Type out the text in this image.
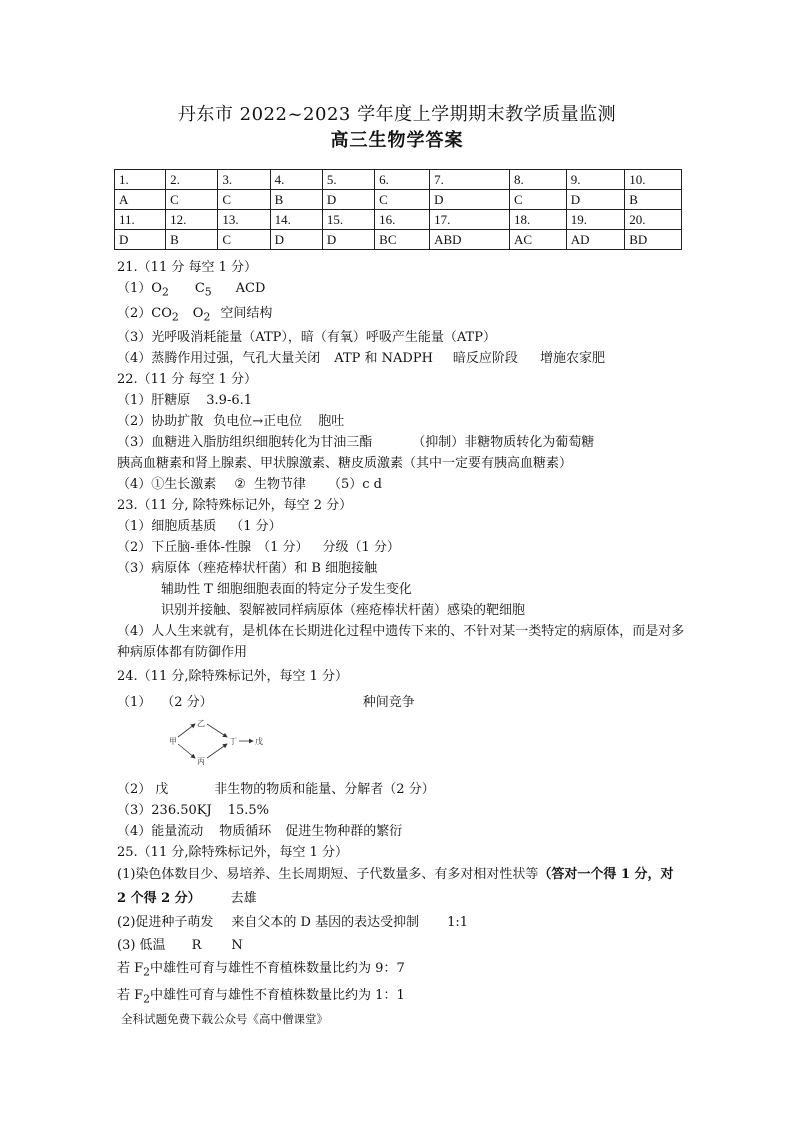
丹东市 2022~2023 学年度上学期期末教学质量监测
高三生物学答案
1.	2.	3.	4.	5.	6.	7.	8.	9.	10.
A	C	C	B	D	C	D	C	D	B
11.	12.	13.	14.	15.	16.	17.	18.	19.	20.
D	B	C	D	D	BC	ABD	AC	AD	BD
21.（11 分 每空 1 分）
$(1)O_2$ $C_5$ ACD
$(2)CO_2$ $O_2$ 空间结构
（3）光呼吸消耗能量（ATP），暗（有氧）呼吸产生能量（ATP）
（4）蒸腾作用过强，气孔大量关闭 ATP 和 NADPH 暗反应阶段 增施农家肥
22.（11 分 每空 1 分）
（1）肝糖原 3.9-6.1
（2）协助扩散 负电位→正电位 胞吐
（3）血糖进入脂肪组织细胞转化为甘油三酯	（抑制）非糖物质转化为葡萄糖
胰高血糖素和肾上腺素、甲状腺激素、糖皮质激素（其中一定要有胰高血糖素）
（4）①生长激素 ② 生物节律 （5）c d
23.（11 分, 除特殊标记外，每空 2 分）
（1）细胞质基质 （1 分）
（2）下丘脑-垂体-性腺 （1 分） 分级（1 分）
（3）病原体（痤疮棒状杆菌）和 B 细胞接触
辅助性 T 细胞细胞表面的特定分子发生变化
识别并接触、裂解被同样病原体（痤疮棒状杆菌）感染的靶细胞
（4）人人生来就有，是机体在长期进化过程中遗传下来的、不针对某一类特定的病原体，而是对多种病原体都有防御作用
24.（11 分,除特殊标记外，每空 1 分）
（1） （2 分）	种间竞争
甲
乙
丙
丁 戊
（2） 戊	非生物的物质和能量、分解者（2 分）
（3）236.50KJ 15.5%
（4）能量流动 物质循环 促进生物种群的繁衍
25.（11 分,除特殊标记外，每空 1 分）
(1)染色体数目少、易培养、生长周期短、子代数量多、有多对相对性状等（答对一个得 1 分，对 2 个得 2 分） 去雄
(2)促进种子萌发 来自父本的 D 基因的表达受抑制 1:1
(3) 低温 R N
若 $F_2$中雄性可育与雄性不育植株数量比约为 9：7
若 $F_2$中雄性可育与雄性不育植株数量比约为 1：1
全科试题免费下载公众号《高中僧课堂》
